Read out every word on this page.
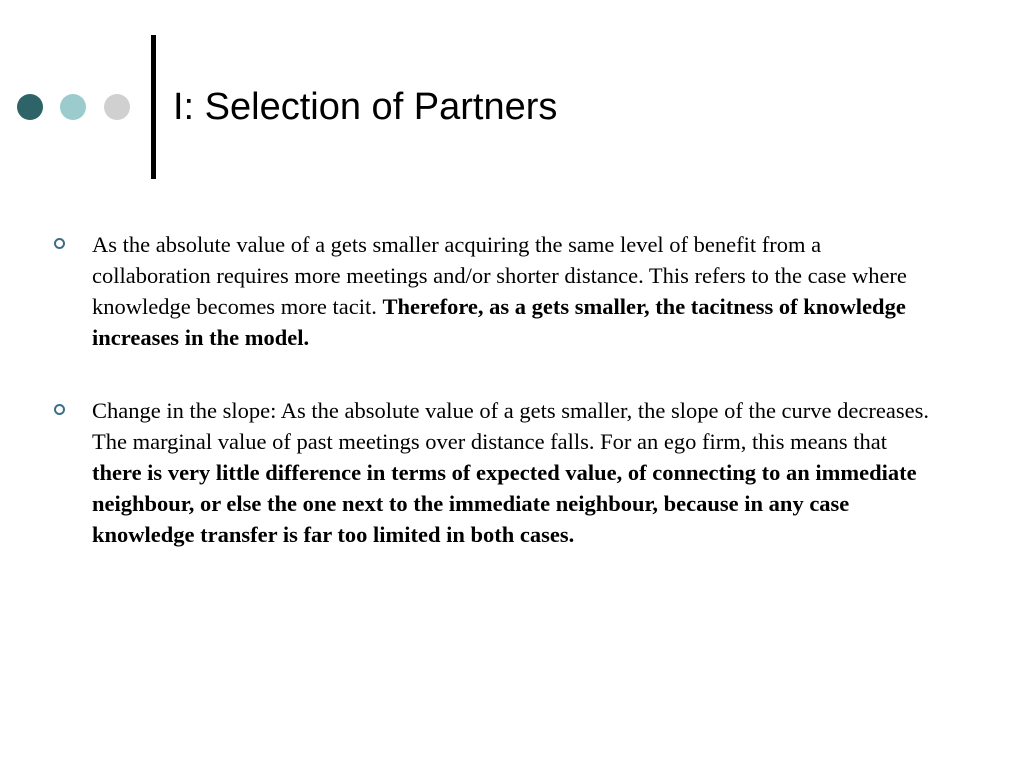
I: Selection of Partners
As the absolute value of a gets smaller acquiring the same level of benefit from a collaboration requires more meetings and/or shorter distance. This refers to the case where knowledge becomes more tacit. Therefore, as a gets smaller, the tacitness of knowledge increases in the model.
Change in the slope: As the absolute value of a gets smaller, the slope of the curve decreases. The marginal value of past meetings over distance falls. For an ego firm, this means that there is very little difference in terms of expected value, of connecting to an immediate neighbour, or else the one next to the immediate neighbour, because in any case knowledge transfer is far too limited in both cases.
